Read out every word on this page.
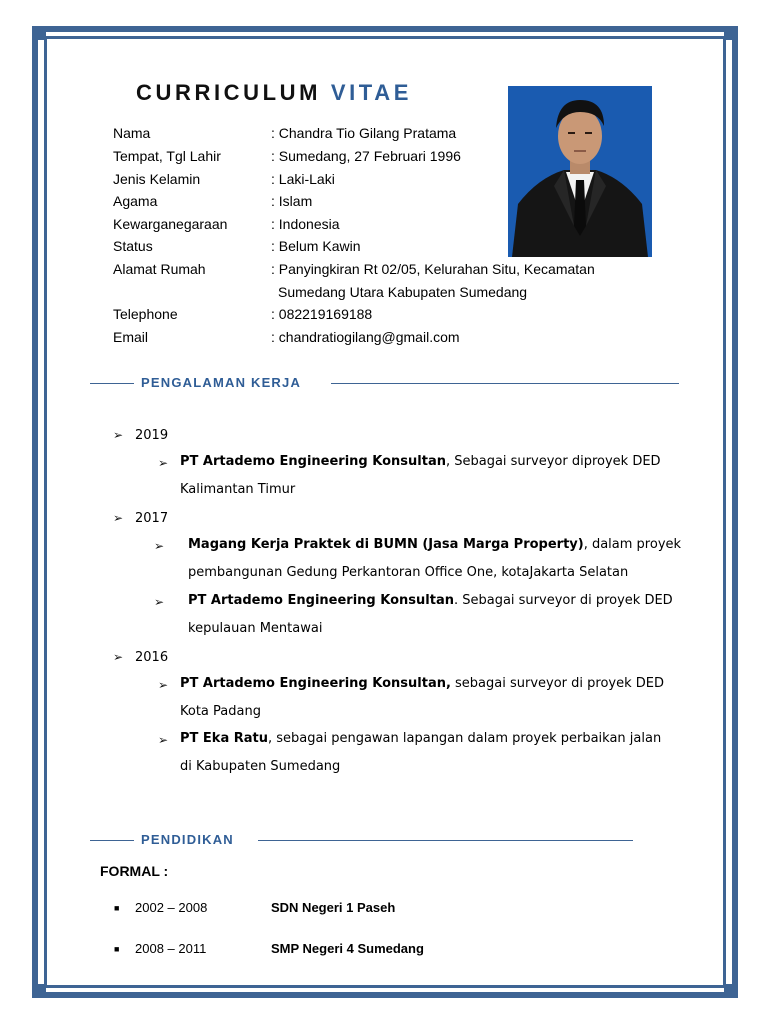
CURRICULUM VITAE
Nama	: Chandra Tio Gilang Pratama
Tempat, Tgl Lahir	: Sumedang, 27 Februari 1996
Jenis Kelamin	: Laki-Laki
Agama	: Islam
Kewarganegaraan	: Indonesia
Status	: Belum Kawin
Alamat Rumah	: Panyingkiran Rt 02/05, Kelurahan Situ, Kecamatan
Sumedang Utara Kabupaten Sumedang
Telephone	: 082219169188
Email	: chandratiogilang@gmail.com
PENGALAMAN KERJA
➢ 2019
➢ PT Artademo Engineering Konsultan, Sebagai surveyor diproyek DED
Kalimantan Timur
➢ 2017
➢ Magang Kerja Praktek di BUMN (Jasa Marga Property), dalam proyek
pembangunan Gedung Perkantoran Office One, kotaJakarta Selatan
➢ PT Artademo Engineering Konsultan. Sebagai surveyor di proyek DED
kepulauan Mentawai
➢ 2016
➢ PT Artademo Engineering Konsultan, sebagai surveyor di proyek DED
Kota Padang
➢ PT Eka Ratu, sebagai pengawan lapangan dalam proyek perbaikan jalan
di Kabupaten Sumedang
PENDIDIKAN
FORMAL :
■ 2002 – 2008	SDN Negeri 1 Paseh
■ 2008 – 2011	SMP Negeri 4 Sumedang
